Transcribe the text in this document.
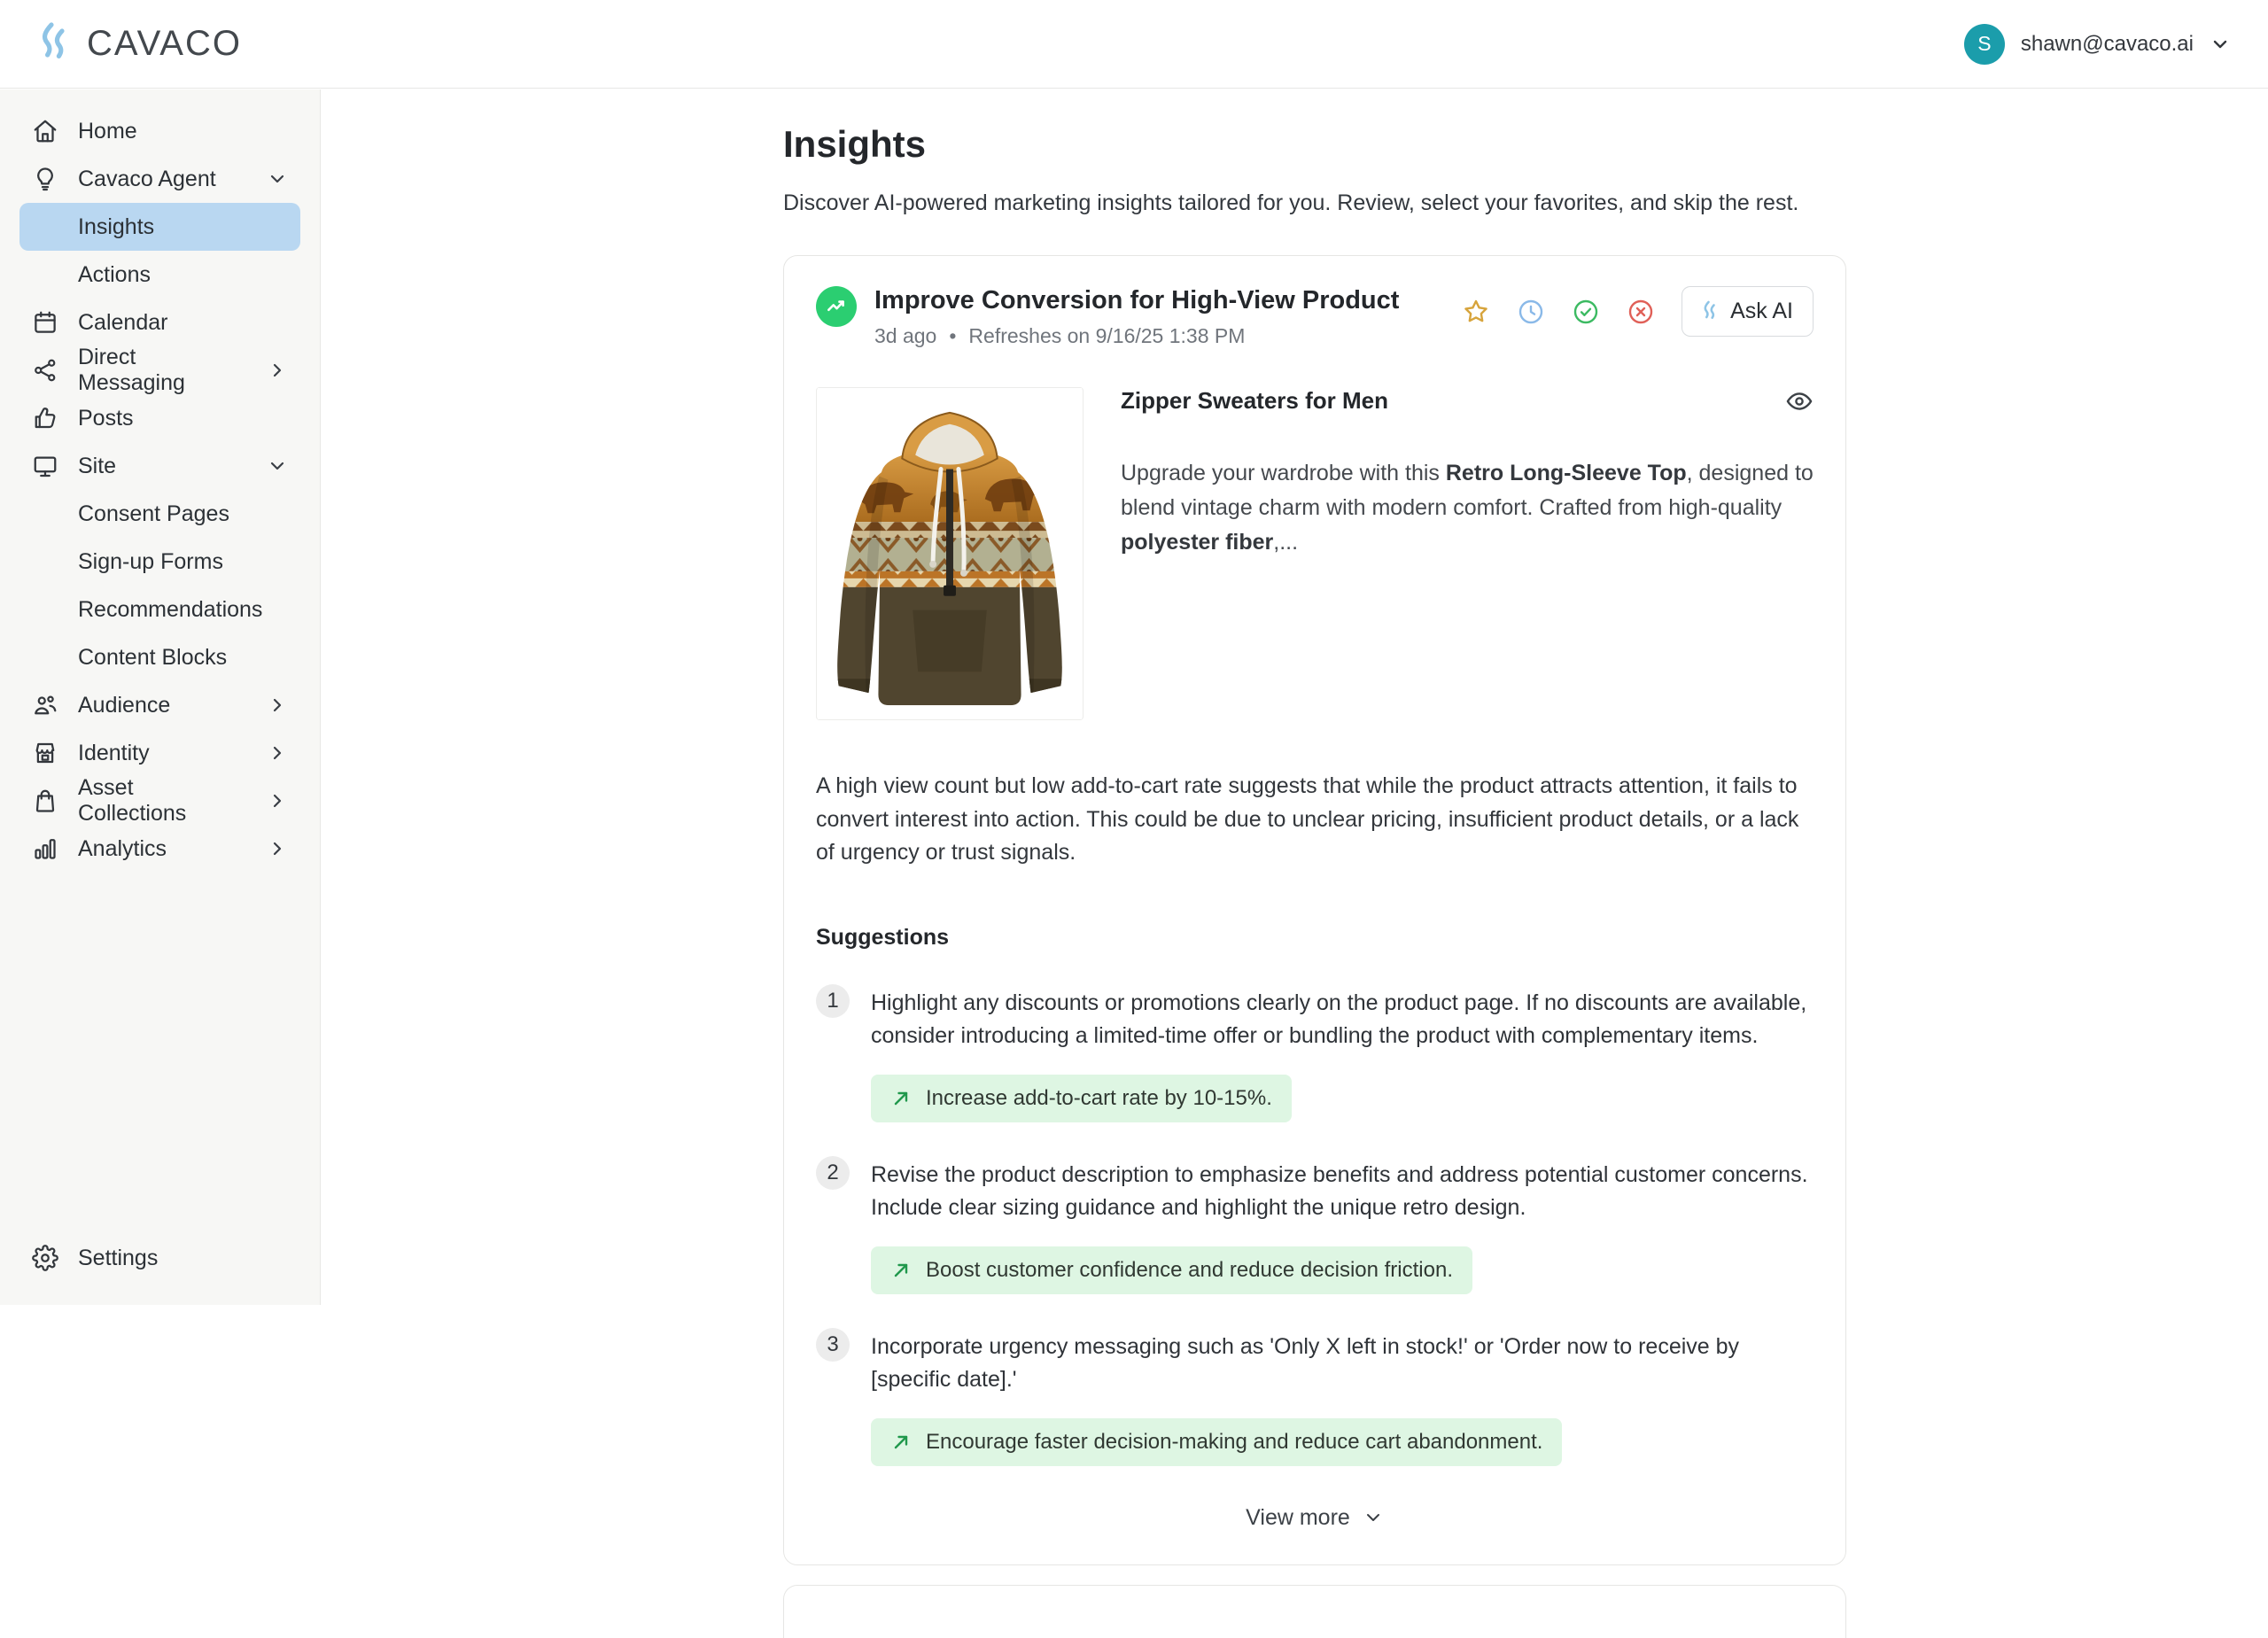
CAVACO	S	shawn@cavaco.ai
Home
Cavaco Agent
Insights
Actions
Calendar
Direct Messaging
Posts
Site
Consent Pages
Sign-up Forms
Recommendations
Content Blocks
Audience
Identity
Asset Collections
Analytics
Settings
Insights
Discover AI-powered marketing insights tailored for you. Review, select your favorites, and skip the rest.
Improve Conversion for High-View Product
3d ago • Refreshes on 9/16/25 1:38 PM
Ask AI
Zipper Sweaters for Men
Upgrade your wardrobe with this Retro Long-Sleeve Top, designed to blend vintage charm with modern comfort. Crafted from high-quality polyester fiber,...
A high view count but low add-to-cart rate suggests that while the product attracts attention, it fails to convert interest into action. This could be due to unclear pricing, insufficient product details, or a lack of urgency or trust signals.
Suggestions
1	Highlight any discounts or promotions clearly on the product page. If no discounts are available, consider introducing a limited-time offer or bundling the product with complementary items.
Increase add-to-cart rate by 10-15%.
2	Revise the product description to emphasize benefits and address potential customer concerns. Include clear sizing guidance and highlight the unique retro design.
Boost customer confidence and reduce decision friction.
3	Incorporate urgency messaging such as 'Only X left in stock!' or 'Order now to receive by [specific date].'
Encourage faster decision-making and reduce cart abandonment.
View more
